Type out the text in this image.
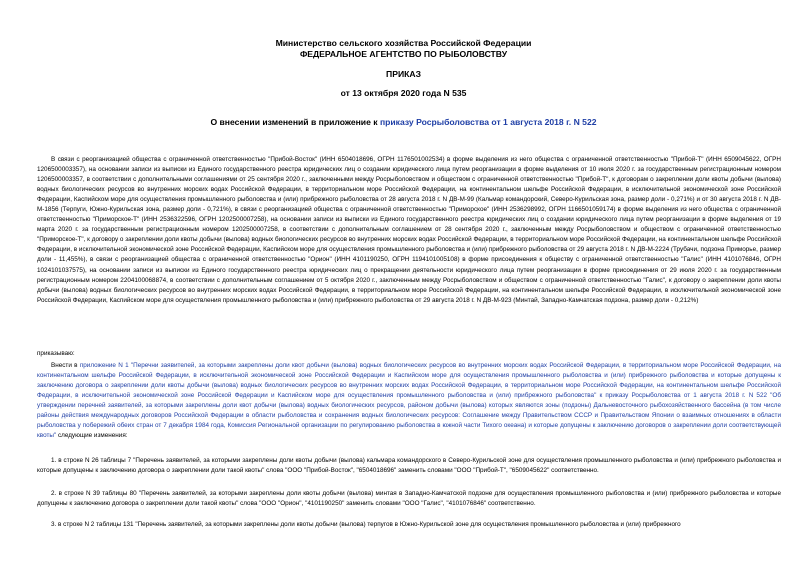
Министерство сельского хозяйства Российской Федерации
ФЕДЕРАЛЬНОЕ АГЕНТСТВО ПО РЫБОЛОВСТВУ
ПРИКАЗ
от 13 октября 2020 года N 535
О внесении изменений в приложение к приказу Росрыболовства от 1 августа 2018 г. N 522

В связи с реорганизацией общества с ограниченной ответственностью "Прибой-Восток" (ИНН 6504018696, ОГРН 1176501002534) в форме выделения из него общества с ограниченной ответственностью "Прибой-Т" (ИНН 6509045622, ОГРН 1206500003357), на основании записи из выписки из Единого государственного реестра юридических лиц о создании юридического лица путем реорганизации в форме выделения от 10 июля 2020 г. за государственным регистрационным номером 1206500003357, в соответствии с дополнительными соглашениями от 25 сентября 2020 г., заключенными между Росрыболовством и обществом с ограниченной ответственностью "Прибой-Т", к договорам о закреплении доли квоты добычи (вылова) водных биологических ресурсов во внутренних морских водах Российской Федерации, в территориальном море Российской Федерации, на континентальном шельфе Российской Федерации, в исключительной экономической зоне Российской Федерации, Каспийском море для осуществления промышленного рыболовства и (или) прибрежного рыболовства от 28 августа 2018 г. N ДВ-М-99 (Кальмар командорский, Северо-Курильская зона, размер доли - 0,271%) и от 30 августа 2018 г. N ДВ-М-1856 (Терпуги, Южно-Курильская зона, размер доли - 0,721%), в связи с реорганизацией общества с ограниченной ответственностью "Приморское" (ИНН 2536298992, ОГРН 1166501059174) в форме выделения из него общества с ограниченной ответственностью "Приморское-Т" (ИНН 2536322596, ОГРН 1202500007258), на основании записи из выписки из Единого государственного реестра юридических лиц о создании юридического лица путем реорганизации в форме выделения от 19 марта 2020 г. за государственным регистрационным номером 1202500007258, в соответствии с дополнительным соглашением от 28 сентября 2020 г., заключенным между Росрыболовством и обществом с ограниченной ответственностью "Приморское-Т", к договору о закреплении доли квоты добычи (вылова) водных биологических ресурсов во внутренних морских водах Российской Федерации, в территориальном море Российской Федерации, на континентальном шельфе Российской Федерации, в исключительной экономической зоне Российской Федерации, Каспийском море для осуществления промышленного рыболовства и (или) прибрежного рыболовства от 29 августа 2018 г. N ДВ-М-2224 (Трубачи, подзона Приморье, размер доли - 11,455%), в связи с реорганизацией общества с ограниченной ответственностью "Орион" (ИНН 4101190250, ОГРН 1194101005108) в форме присоединения к обществу с ограниченной ответственностью "Галис" (ИНН 4101076846, ОГРН 1024101037575), на основании записи из выписки из Единого государственного реестра юридических лиц о прекращении деятельности юридического лица путем реорганизации в форме присоединения от 29 июля 2020 г. за государственным регистрационным номером 2204100068874, в соответствии с дополнительным соглашением от 5 октября 2020 г., заключенным между Росрыболовством и обществом с ограниченной ответственностью "Галис", к договору о закреплении доли квоты добычи (вылова) водных биологических ресурсов во внутренних морских водах Российской Федерации, в территориальном море Российской Федерации, на континентальном шельфе Российской Федерации, в исключительной экономической зоне Российской Федерации, Каспийском море для осуществления промышленного рыболовства и (или) прибрежного рыболовства от 29 августа 2018 г. N ДВ-М-923 (Минтай, Западно-Камчатская подзона, размер доли - 0,212%)

приказываю:

Внести в приложение N 1 "Перечни заявителей, за которыми закреплены доли квот добычи (вылова) водных биологических ресурсов во внутренних морских водах Российской Федерации, в территориальном море Российской Федерации, на континентальном шельфе Российской Федерации, в исключительной экономической зоне Российской Федерации и Каспийском море для осуществления промышленного рыболовства и (или) прибрежного рыболовства и которые допущены к заключению договора о закреплении доли квоты добычи (вылова) водных биологических ресурсов во внутренних морских водах Российской Федерации, в территориальном море Российской Федерации, на континентальном шельфе Российской Федерации, в исключительной экономической зоне Российской Федерации и Каспийском море для осуществления промышленного рыболовства и (или) прибрежного рыболовства" к приказу Росрыболовства от 1 августа 2018 г. N 522 "Об утверждении перечней заявителей, за которыми закреплены доли квот добычи (вылова) водных биологических ресурсов, районом добычи (вылова) которых являются зоны (подзоны) Дальневосточного рыбохозяйственного бассейна (в том числе районы действия международных договоров Российской Федерации в области рыболовства и сохранения водных биологических ресурсов: Соглашение между Правительством СССР и Правительством Японии о взаимных отношениях в области рыболовства у побережий обеих стран от 7 декабря 1984 года, Комиссия Региональной организации по регулированию рыболовства в южной части Тихого океана) и которые допущены к заключению договоров о закреплении доли соответствующей квоты" следующие изменения:

1. в строке N 26 таблицы 7 "Перечень заявителей, за которыми закреплены доли квоты добычи (вылова) кальмара командорского в Северо-Курильской зоне для осуществления промышленного рыболовства и (или) прибрежного рыболовства и которые допущены к заключению договора о закреплении доли такой квоты" слова "ООО "Прибой-Восток", "6504018696" заменить словами "ООО "Прибой-Т", "6509045622" соответственно.

2. в строке N 39 таблицы 80 "Перечень заявителей, за которыми закреплены доли квоты добычи (вылова) минтая в Западно-Камчатской подзоне для осуществления промышленного рыболовства и (или) прибрежного рыболовства и которые допущены к заключению договора о закреплении доли такой квоты" слова "ООО "Орион", "4101190250" заменить словами "ООО "Галис", "4101076846" соответственно.

3. в строке N 2 таблицы 131 "Перечень заявителей, за которыми закреплены доли квоты добычи (вылова) терпугов в Южно-Курильской зоне для осуществления промышленного рыболовства и (или) прибрежного
